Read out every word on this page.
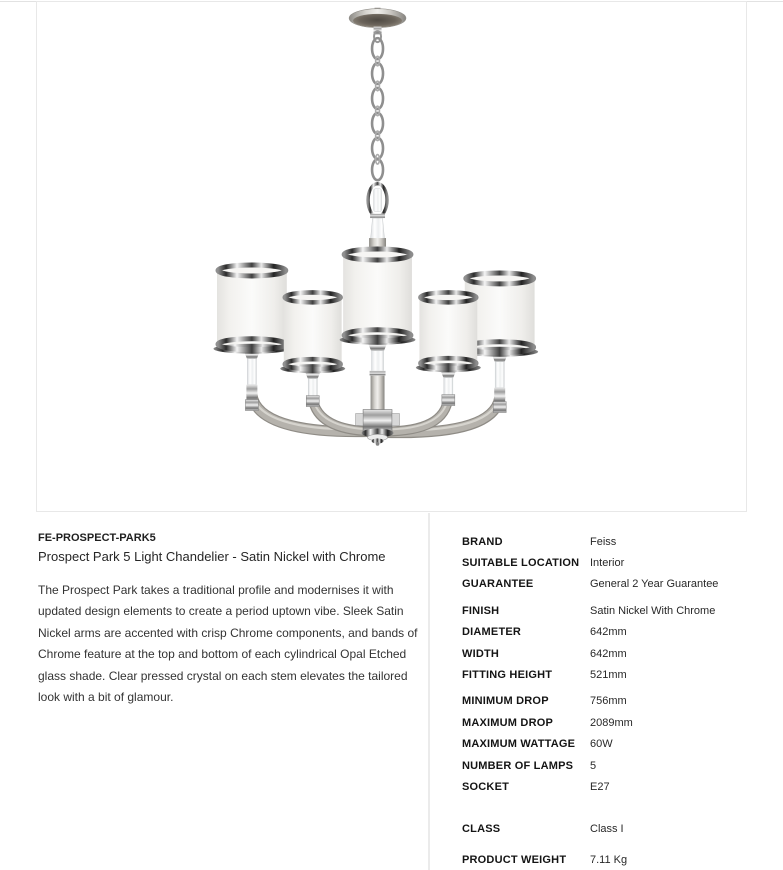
FE-PROSPECT-PARK5
Prospect Park 5 Light Chandelier - Satin Nickel with Chrome

The Prospect Park takes a traditional profile and modernises it with updated design elements to create a period uptown vibe. Sleek Satin Nickel arms are accented with crisp Chrome components, and bands of Chrome feature at the top and bottom of each cylindrical Opal Etched glass shade. Clear pressed crystal on each stem elevates the tailored look with a bit of glamour.

BRAND	Feiss
SUITABLE LOCATION Interior
GUARANTEE	General 2 Year Guarantee
FINISH	Satin Nickel With Chrome
DIAMETER	642mm
WIDTH	642mm
FITTING HEIGHT	521mm
MINIMUM DROP	756mm
MAXIMUM DROP	2089mm
MAXIMUM WATTAGE	60W
NUMBER OF LAMPS	5
SOCKET	E27
CLASS	Class I
PRODUCT WEIGHT	7.11 Kg
